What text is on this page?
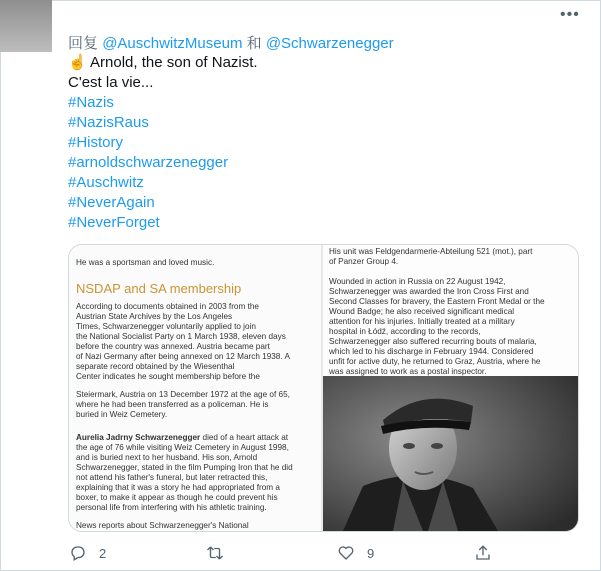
•••
回复 @AuschwitzMuseum 和 @Schwarzenegger
☝️ Arnold, the son of Nazist.
C'est la vie...
#Nazis
#NazisRaus
#History
#arnoldschwarzenegger
#Auschwitz
#NeverAgain
#NeverForget
He was a sportsman and loved music.
NSDAP and SA membership
According to documents obtained in 2003 from the
Austrian State Archives by the Los Angeles
Times, Schwarzenegger voluntarily applied to join
the National Socialist Party on 1 March 1938, eleven days
before the country was annexed. Austria became part
of Nazi Germany after being annexed on 12 March 1938. A
separate record obtained by the Wiesenthal
Center indicates he sought membership before the
Steiermark, Austria on 13 December 1972 at the age of 65,
where he had been transferred as a policeman. He is
buried in Weiz Cemetery.
Aurelia Jadrny Schwarzenegger died of a heart attack at
the age of 76 while visiting Weiz Cemetery in August 1998,
and is buried next to her husband. His son, Arnold
Schwarzenegger, stated in the film Pumping Iron that he did
not attend his father's funeral, but later retracted this,
explaining that it was a story he had appropriated from a
boxer, to make it appear as though he could prevent his
personal life from interfering with his athletic training.
News reports about Schwarzenegger's National
His unit was Feldgendarmerie-Abteilung 521 (mot.), part
of Panzer Group 4.
Wounded in action in Russia on 22 August 1942,
Schwarzenegger was awarded the Iron Cross First and
Second Classes for bravery, the Eastern Front Medal or the
Wound Badge; he also received significant medical
attention for his injuries. Initially treated at a military
hospital in Łódź, according to the records,
Schwarzenegger also suffered recurring bouts of malaria,
which led to his discharge in February 1944. Considered
unfit for active duty, he returned to Graz, Austria, where he
was assigned to work as a postal inspector.
2	9
